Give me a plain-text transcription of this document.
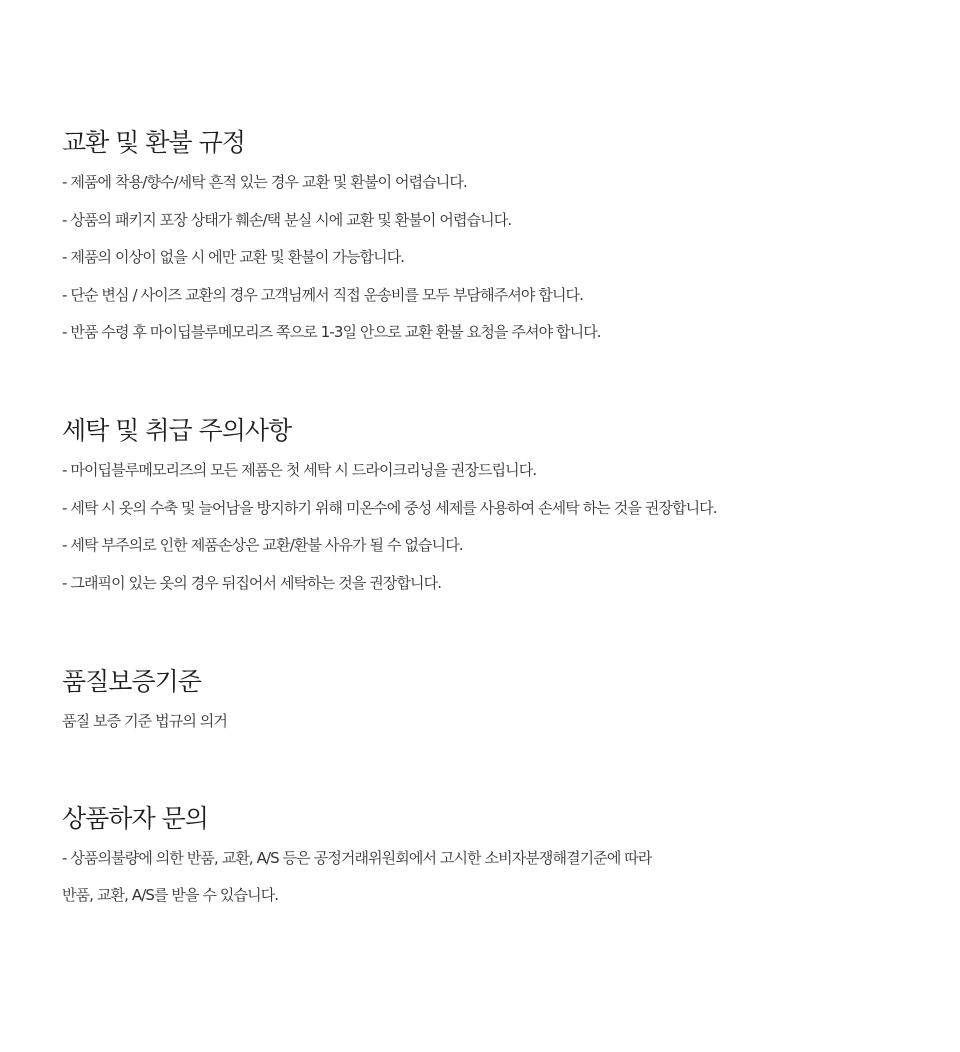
교환 및 환불 규정
- 제품에 착용/향수/세탁 흔적 있는 경우 교환 및 환불이 어렵습니다.
- 상품의 패키지 포장 상태가 훼손/택 분실 시에 교환 및 환불이 어렵습니다.
- 제품의 이상이 없을 시 에만 교환 및 환불이 가능합니다.
- 단순 변심 / 사이즈 교환의 경우 고객님께서 직접 운송비를 모두 부담해주셔야 합니다.
- 반품 수령 후 마이딥블루메모리즈 쪽으로 1-3일 안으로 교환 환불 요청을 주셔야 합니다.
세탁 및 취급 주의사항
- 마이딥블루메모리즈의 모든 제품은 첫 세탁 시 드라이크리닝을 권장드립니다.
- 세탁 시 옷의 수축 및 늘어남을 방지하기 위해 미온수에 중성 세제를 사용하여 손세탁 하는 것을 권장합니다.
- 세탁 부주의로 인한 제품손상은 교환/환불 사유가 될 수 없습니다.
- 그래픽이 있는 옷의 경우 뒤집어서 세탁하는 것을 권장합니다.
품질보증기준
품질 보증 기준 법규의 의거
상품하자 문의
- 상품의불량에 의한 반품, 교환, A/S 등은 공정거래위원회에서 고시한 소비자분쟁해결기준에 따라
반품, 교환, A/S를 받을 수 있습니다.
